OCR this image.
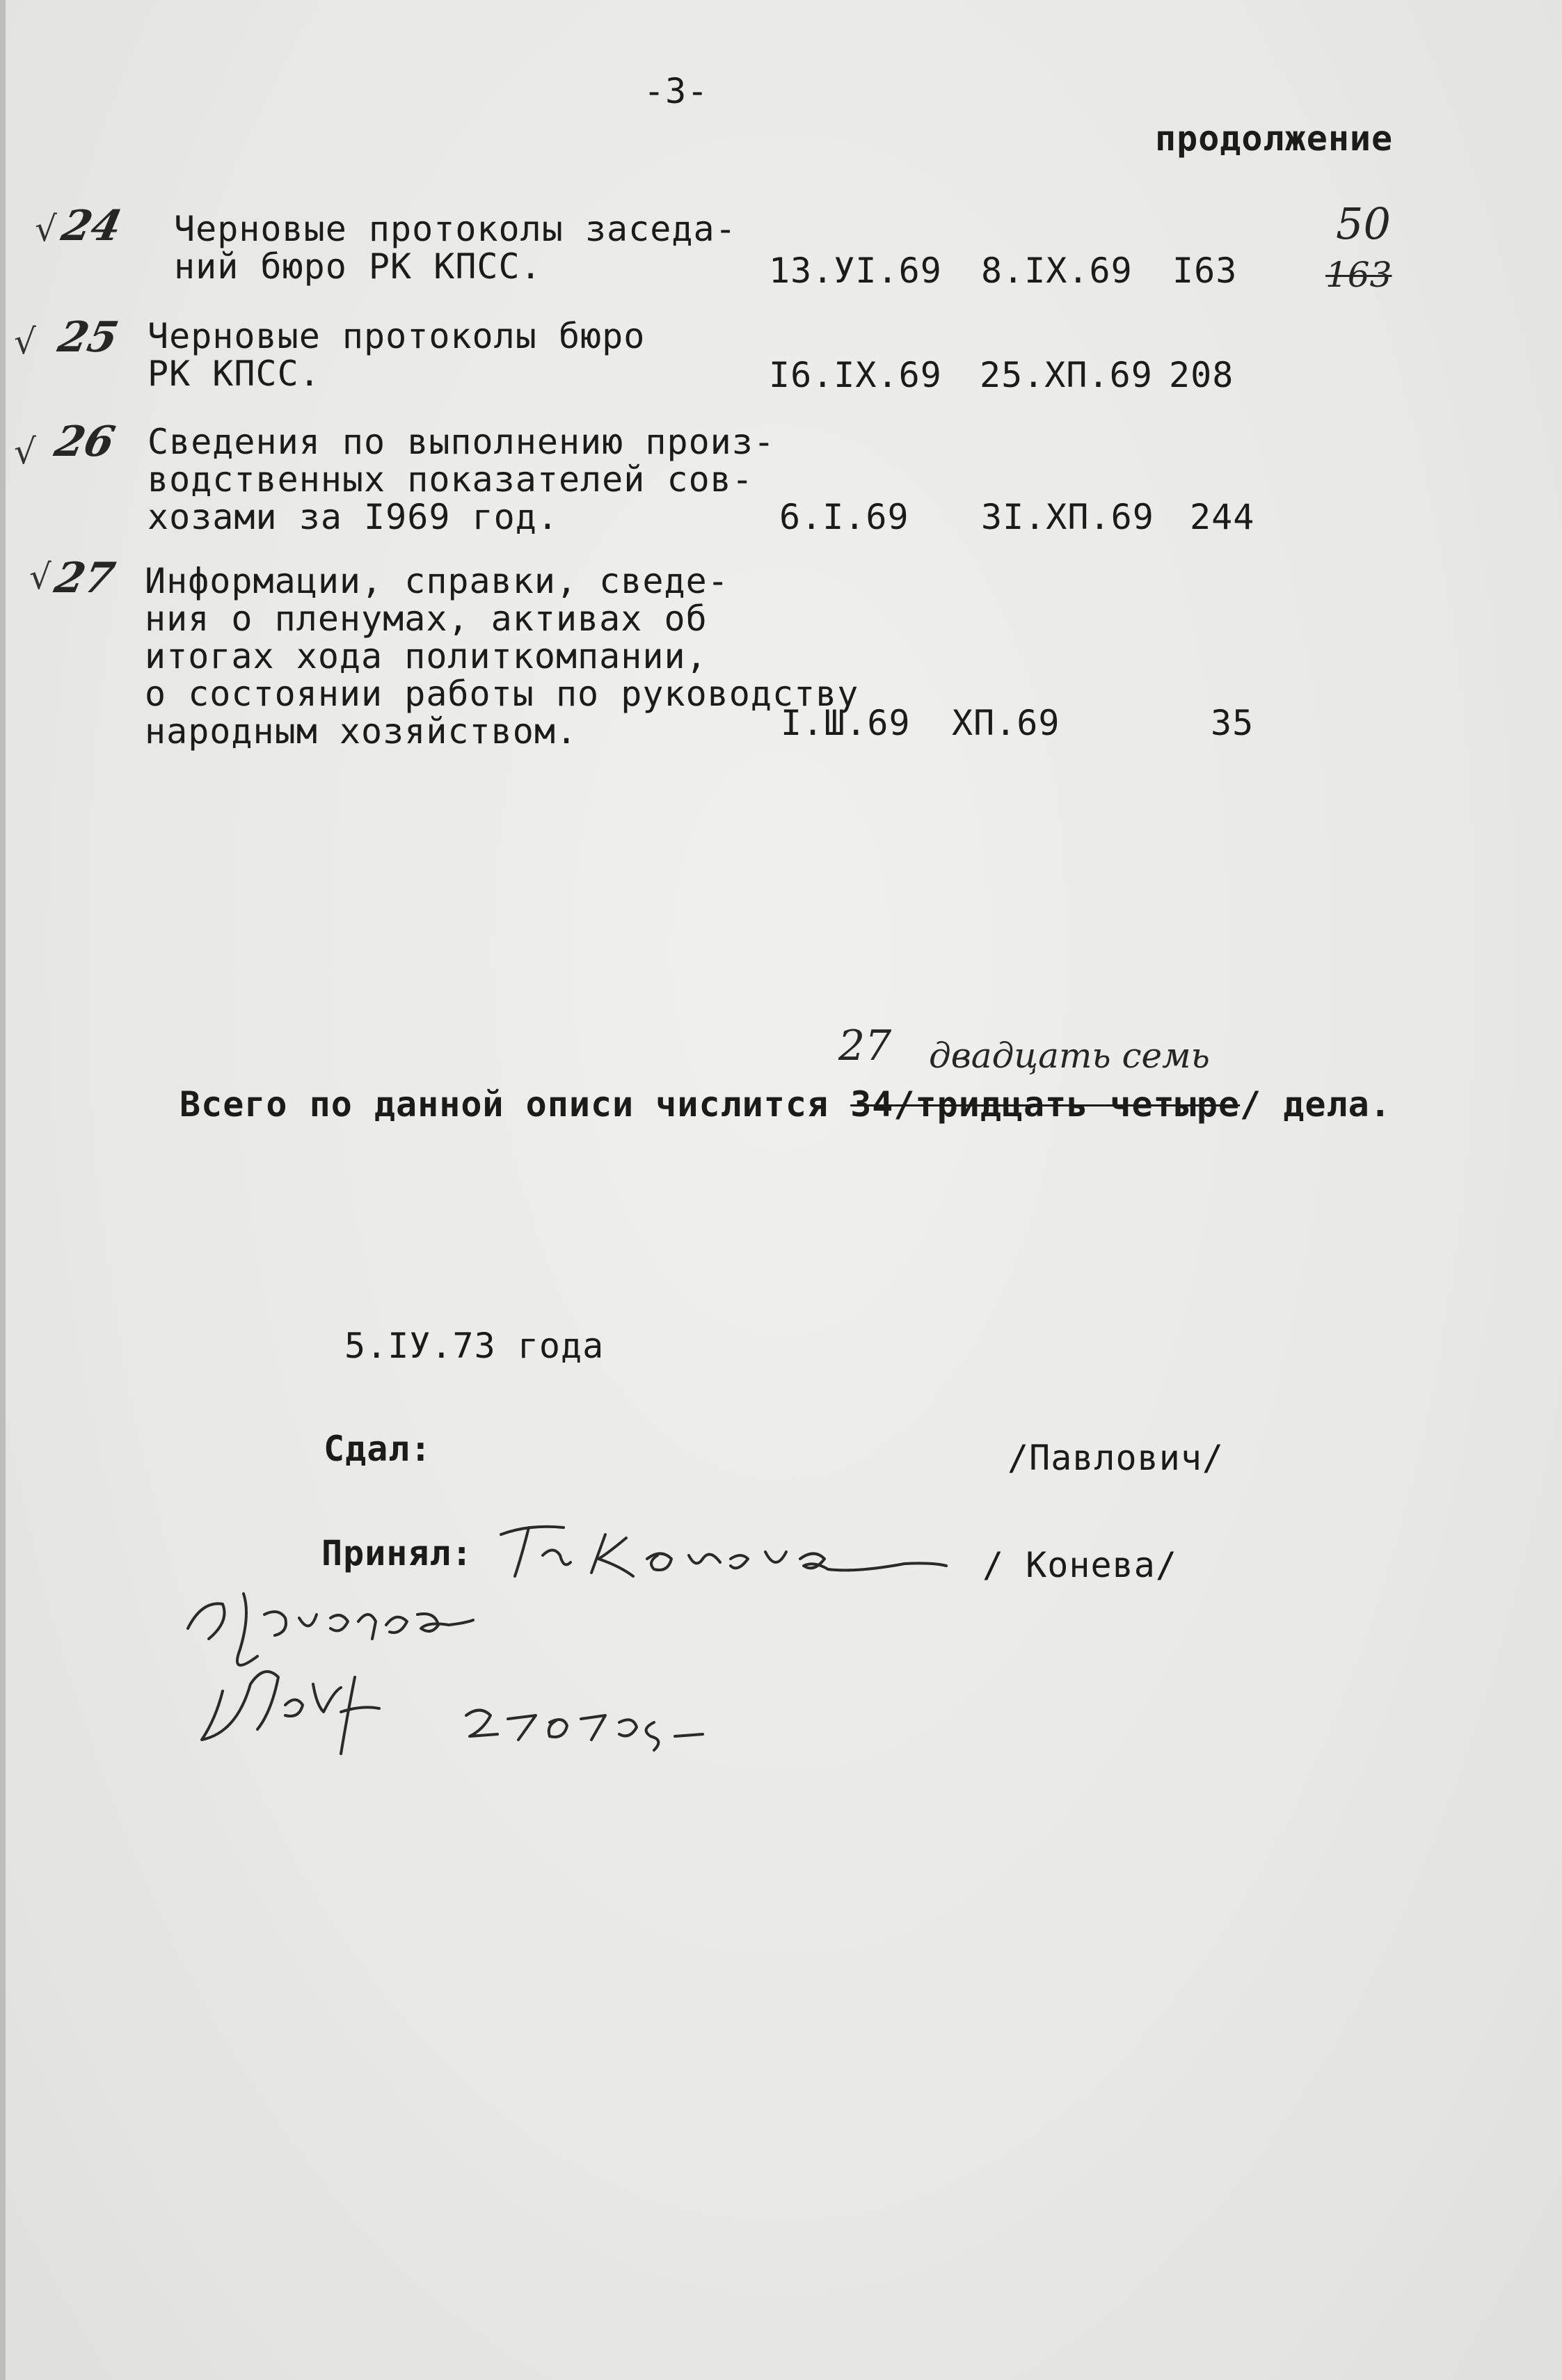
-3-
продолжение
√ 24 Черновые протоколы заседа-
ний бюро РК КПСС.	13.УI.69 8.IX.69 I63
50
163
√ 25 Черновые протоколы бюро
РК КПСС.	I6.IX.69 25.XП.69 208
√ 26 Сведения по выполнению произ-
водственных показателей сов-
хозами за I969 год.	6.I.69 3I.XП.69 244
√
27 Информации, справки, сведе-
ния о пленумах, активах об
итогах хода политкомпании,
о состоянии работы по руководству
народным хозяйством.	I.Ш.69 XП.69	35
27 двадцать семь
Всего по данной описи числится 34/тридцать четыре/ дела.
5.IУ.73 года
Сдал:	/Павлович/
Принял:	/ Конева/
